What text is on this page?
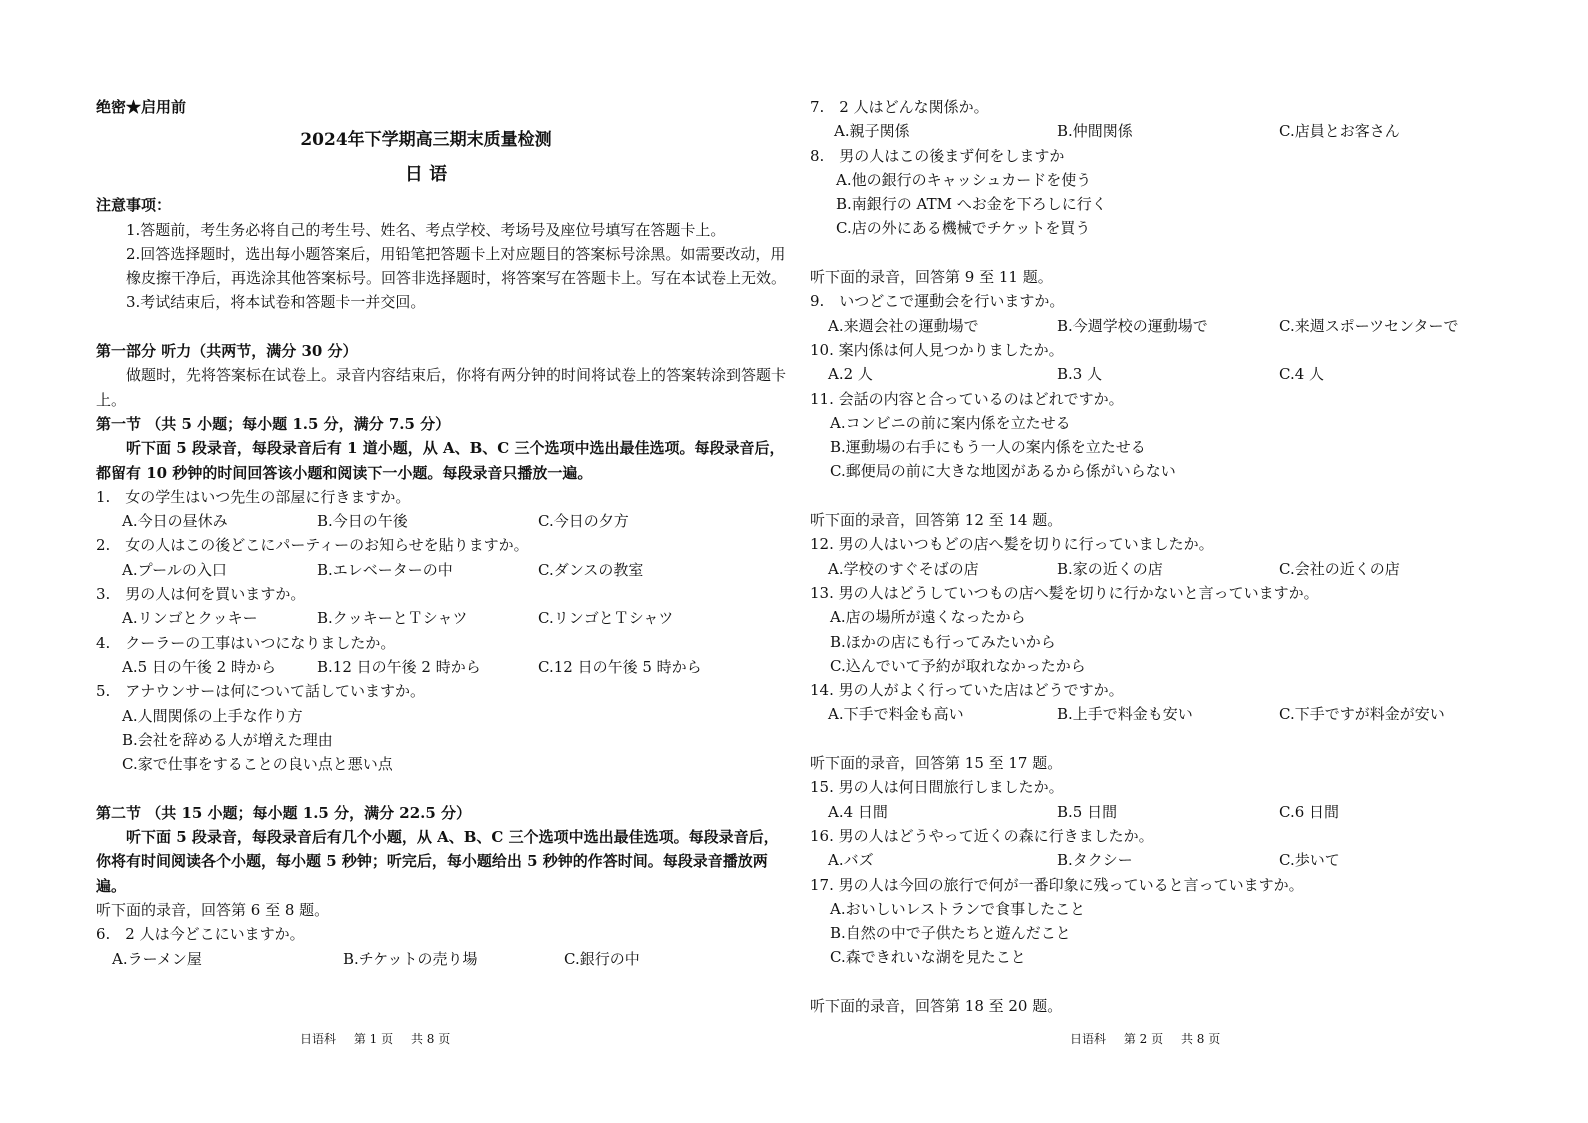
绝密★启用前
2024年下学期高三期末质量检测
日 语
注意事项：
1.答题前，考生务必将自己的考生号、姓名、考点学校、考场号及座位号填写在答题卡上。
2.回答选择题时，选出每小题答案后，用铅笔把答题卡上对应题目的答案标号涂黑。如需要改动，用橡皮擦干净后，再选涂其他答案标号。回答非选择题时，将答案写在答题卡上。写在本试卷上无效。
3.考试结束后，将本试卷和答题卡一并交回。
第一部分 听力（共两节，满分 30 分）
做题时，先将答案标在试卷上。录音内容结束后，你将有两分钟的时间将试卷上的答案转涂到答题卡上。
第一节 （共 5 小题；每小题 1.5 分，满分 7.5 分）
听下面 5 段录音，每段录音后有 1 道小题，从 A、B、C 三个选项中选出最佳选项。每段录音后，都留有 10 秒钟的时间回答该小题和阅读下一小题。每段录音只播放一遍。
1.　女の学生はいつ先生の部屋に行きますか。
A.今日の昼休み	B.今日の午後	C.今日の夕方
2.　女の人はこの後どこにパーティーのお知らせを貼りますか。
A.プールの入口	B.エレベーターの中	C.ダンスの教室
3.　男の人は何を買いますか。
A.リンゴとクッキー	B.クッキーとＴシャツ	C.リンゴとＴシャツ
4.　クーラーの工事はいつになりましたか。
A.5 日の午後 2 時から	B.12 日の午後 2 時から	C.12 日の午後 5 時から
5.　アナウンサーは何について話していますか。
A.人間関係の上手な作り方
B.会社を辞める人が増えた理由
C.家で仕事をすることの良い点と悪い点
第二节 （共 15 小题；每小题 1.5 分，满分 22.5 分）
听下面 5 段录音，每段录音后有几个小题，从 A、B、C 三个选项中选出最佳选项。每段录音后，你将有时间阅读各个小题，每小题 5 秒钟；听完后，每小题给出 5 秒钟的作答时间。每段录音播放两遍。
听下面的录音，回答第 6 至 8 题。
6.　2 人は今どこにいますか。
A.ラーメン屋	B.チケットの売り場	C.銀行の中
日语科 第 1 页 共 8 页
7.　2 人はどんな関係か。
A.親子関係	B.仲間関係	C.店員とお客さん
8.　男の人はこの後まず何をしますか
A.他の銀行のキャッシュカードを使う
B.南銀行の ATM へお金を下ろしに行く
C.店の外にある機械でチケットを買う
听下面的录音，回答第 9 至 11 题。
9.　いつどこで運動会を行いますか。
A.来週会社の運動場で	B.今週学校の運動場で	C.来週スポーツセンターで
10. 案内係は何人見つかりましたか。
A.2 人	B.3 人	C.4 人
11. 会話の内容と合っているのはどれですか。
A.コンビニの前に案内係を立たせる
B.運動場の右手にもう一人の案内係を立たせる
C.郵便局の前に大きな地図があるから係がいらない
听下面的录音，回答第 12 至 14 题。
12. 男の人はいつもどの店へ髪を切りに行っていましたか。
A.学校のすぐそばの店	B.家の近くの店	C.会社の近くの店
13. 男の人はどうしていつもの店へ髪を切りに行かないと言っていますか。
A.店の場所が遠くなったから
B.ほかの店にも行ってみたいから
C.込んでいて予約が取れなかったから
14. 男の人がよく行っていた店はどうですか。
A.下手で料金も高い	B.上手で料金も安い	C.下手ですが料金が安い
听下面的录音，回答第 15 至 17 题。
15. 男の人は何日間旅行しましたか。
A.4 日間	B.5 日間	C.6 日間
16. 男の人はどうやって近くの森に行きましたか。
A.バズ	B.タクシー	C.歩いて
17. 男の人は今回の旅行で何が一番印象に残っていると言っていますか。
A.おいしいレストランで食事したこと
B.自然の中で子供たちと遊んだこと
C.森できれいな湖を見たこと
听下面的录音，回答第 18 至 20 题。
日语科 第 2 页 共 8 页
